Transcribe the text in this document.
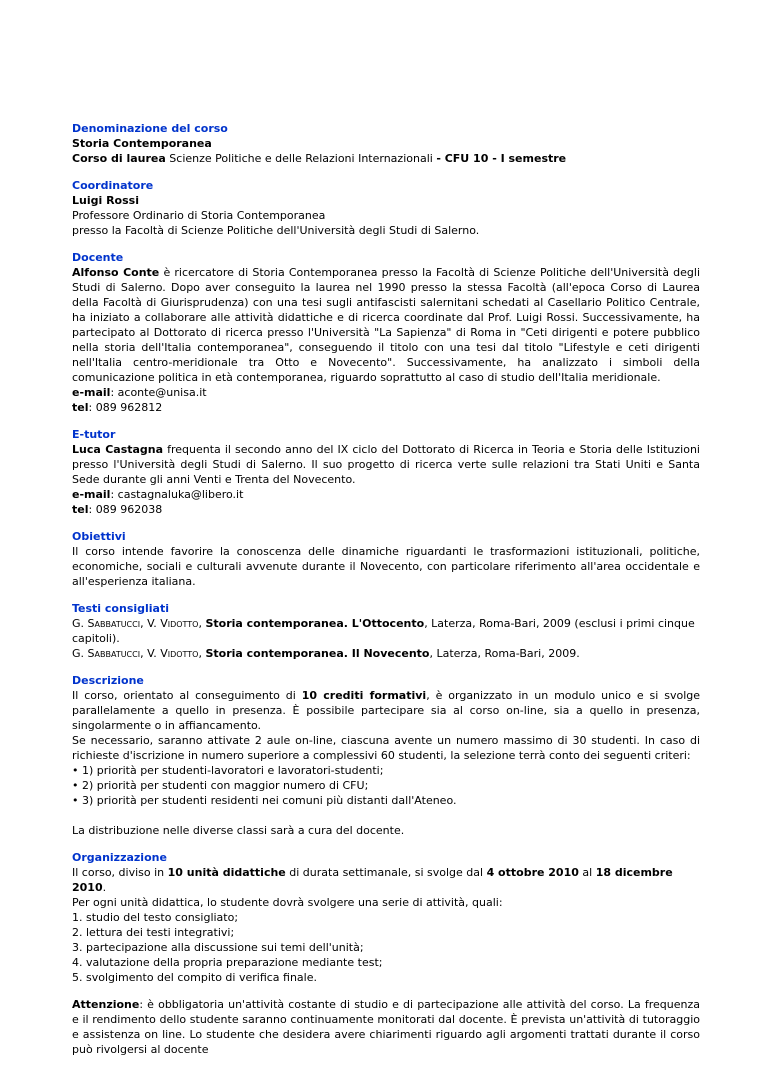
Denominazione del corso
Storia Contemporanea
Corso di laurea Scienze Politiche e delle Relazioni Internazionali - CFU 10 - I semestre
Coordinatore
Luigi Rossi
Professore Ordinario di Storia Contemporanea
presso la Facoltà di Scienze Politiche dell'Università degli Studi di Salerno.
Docente
Alfonso Conte è ricercatore di Storia Contemporanea presso la Facoltà di Scienze Politiche dell'Università degli Studi di Salerno. Dopo aver conseguito la laurea nel 1990 presso la stessa Facoltà (all'epoca Corso di Laurea della Facoltà di Giurisprudenza) con una tesi sugli antifascisti salernitani schedati al Casellario Politico Centrale, ha iniziato a collaborare alle attività didattiche e di ricerca coordinate dal Prof. Luigi Rossi. Successivamente, ha partecipato al Dottorato di ricerca presso l'Università "La Sapienza" di Roma in "Ceti dirigenti e potere pubblico nella storia dell'Italia contemporanea", conseguendo il titolo con una tesi dal titolo "Lifestyle e ceti dirigenti nell'Italia centro-meridionale tra Otto e Novecento". Successivamente, ha analizzato i simboli della comunicazione politica in età contemporanea, riguardo soprattutto al caso di studio dell'Italia meridionale.
e-mail: aconte@unisa.it
tel: 089 962812
E-tutor
Luca Castagna frequenta il secondo anno del IX ciclo del Dottorato di Ricerca in Teoria e Storia delle Istituzioni presso l'Università degli Studi di Salerno. Il suo progetto di ricerca verte sulle relazioni tra Stati Uniti e Santa Sede durante gli anni Venti e Trenta del Novecento.
e-mail: castagnaluka@libero.it
tel: 089 962038
Obiettivi
Il corso intende favorire la conoscenza delle dinamiche riguardanti le trasformazioni istituzionali, politiche, economiche, sociali e culturali avvenute durante il Novecento, con particolare riferimento all'area occidentale e all'esperienza italiana.
Testi consigliati
G. Sabbatucci, V. Vidotto, Storia contemporanea. L'Ottocento, Laterza, Roma-Bari, 2009 (esclusi i primi cinque capitoli).
G. Sabbatucci, V. Vidotto, Storia contemporanea. Il Novecento, Laterza, Roma-Bari, 2009.
Descrizione
Il corso, orientato al conseguimento di 10 crediti formativi, è organizzato in un modulo unico e si svolge parallelamente a quello in presenza. È possibile partecipare sia al corso on-line, sia a quello in presenza, singolarmente o in affiancamento.
Se necessario, saranno attivate 2 aule on-line, ciascuna avente un numero massimo di 30 studenti. In caso di richieste d'iscrizione in numero superiore a complessivi 60 studenti, la selezione terrà conto dei seguenti criteri:
• 1) priorità per studenti-lavoratori e lavoratori-studenti;
• 2) priorità per studenti con maggior numero di CFU;
• 3) priorità per studenti residenti nei comuni più distanti dall'Ateneo.
La distribuzione nelle diverse classi sarà a cura del docente.
Organizzazione
Il corso, diviso in 10 unità didattiche di durata settimanale, si svolge dal 4 ottobre 2010 al 18 dicembre 2010.
Per ogni unità didattica, lo studente dovrà svolgere una serie di attività, quali:
1. studio del testo consigliato;
2. lettura dei testi integrativi;
3. partecipazione alla discussione sui temi dell'unità;
4. valutazione della propria preparazione mediante test;
5. svolgimento del compito di verifica finale.
Attenzione: è obbligatoria un'attività costante di studio e di partecipazione alle attività del corso. La frequenza e il rendimento dello studente saranno continuamente monitorati dal docente. È prevista un'attività di tutoraggio e assistenza on line. Lo studente che desidera avere chiarimenti riguardo agli argomenti trattati durante il corso può rivolgersi al docente
